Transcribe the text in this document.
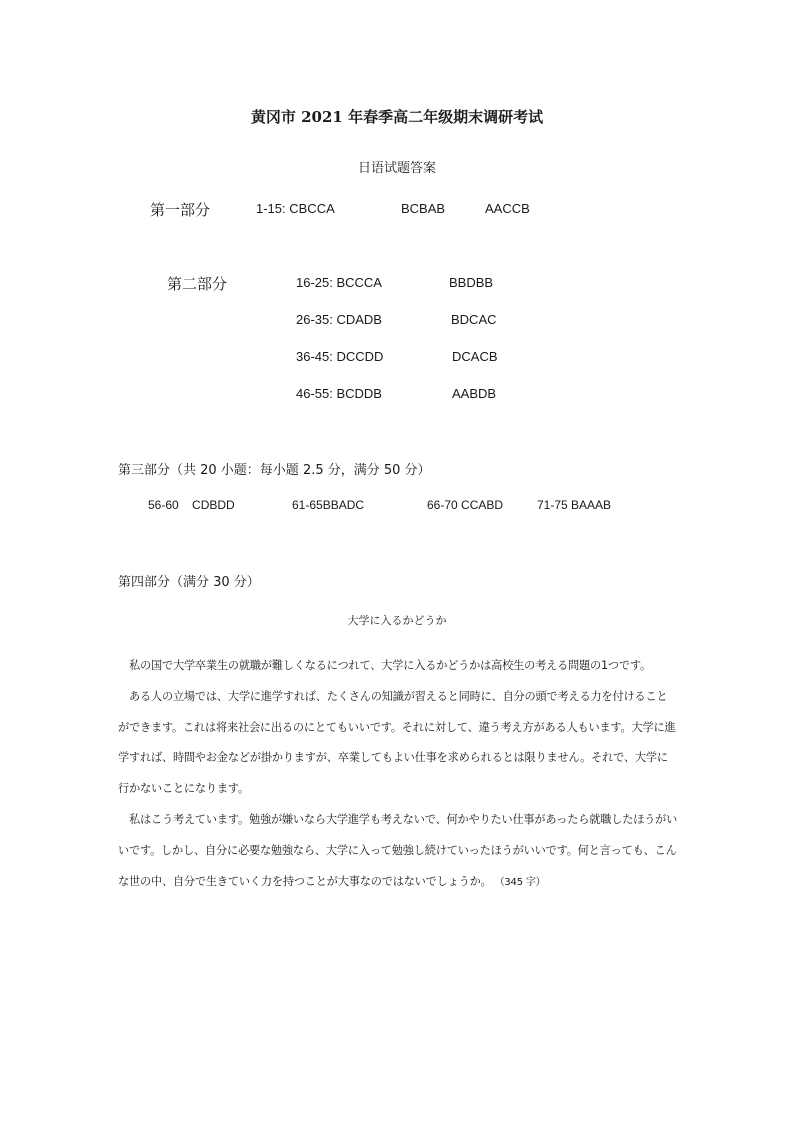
黄冈市 2021 年春季高二年级期末调研考试
日语试题答案
第一部分	1-15: CBCCA	BCBAB	AACCB
第二部分	16-25: BCCCA	BBDBB
26-35: CDADB	BDCAC
36-45: DCCDD	DCACB
46-55: BCDDB	AABDB
第三部分（共 20 小题：每小题 2.5 分，满分 50 分）
56-60    CDBDD	61-65BBADC	66-70 CCABD	71-75 BAAAB
第四部分（满分 30 分）
大学に入るかどうか

私の国で大学卒業生の就職が難しくなるにつれて、大学に入るかどうかは高校生の考える問題の1つです。

ある人の立場では、大学に進学すれば、たくさんの知識が習えると同時に、自分の頭で考える力を付けることができます。これは将来社会に出るのにとてもいいです。それに対して、違う考え方がある人もいます。大学に進学すれば、時間やお金などが掛かりますが、卒業してもよい仕事を求められるとは限りません。それで、大学に行かないことになります。

私はこう考えています。勉強が嫌いなら大学進学も考えないで、何かやりたい仕事があったら就職したほうがいいです。しかし、自分に必要な勉強なら、大学に入って勉強し続けていったほうがいいです。何と言っても、こんな世の中、自分で生きていく力を持つことが大事なのではないでしょうか。 （345 字）
